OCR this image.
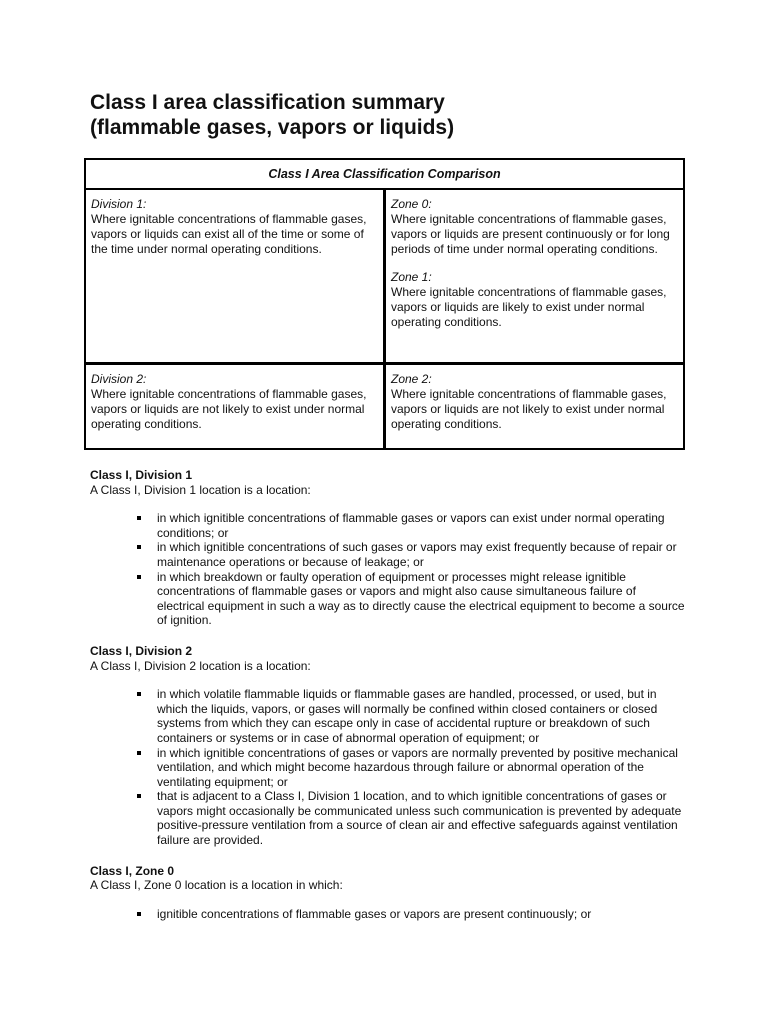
Class I area classification summary
(flammable gases, vapors or liquids)
Class I Area Classification Comparison	

Division 1:
Where ignitable concentrations of flammable gases, vapors or liquids can exist all of the time or some of the time under normal operating conditions.	Zone 0:
Where ignitable concentrations of flammable gases, vapors or liquids are present continuously or for long periods of time under normal operating conditions.
Zone 1:
Where ignitable concentrations of flammable gases, vapors or liquids are likely to exist under normal operating conditions.

Division 2:
Where ignitable concentrations of flammable gases, vapors or liquids are not likely to exist under normal operating conditions.	Zone 2:
Where ignitable concentrations of flammable gases, vapors or liquids are not likely to exist under normal operating conditions.
Class I, Division 1
A Class I, Division 1 location is a location:
in which ignitible concentrations of flammable gases or vapors can exist under normal operating conditions; or
in which ignitible concentrations of such gases or vapors may exist frequently because of repair or maintenance operations or because of leakage; or
in which breakdown or faulty operation of equipment or processes might release ignitible concentrations of flammable gases or vapors and might also cause simultaneous failure of electrical equipment in such a way as to directly cause the electrical equipment to become a source of ignition.
Class I, Division 2
A Class I, Division 2 location is a location:
in which volatile flammable liquids or flammable gases are handled, processed, or used, but in which the liquids, vapors, or gases will normally be confined within closed containers or closed systems from which they can escape only in case of accidental rupture or breakdown of such containers or systems or in case of abnormal operation of equipment; or
in which ignitible concentrations of gases or vapors are normally prevented by positive mechanical ventilation, and which might become hazardous through failure or abnormal operation of the ventilating equipment; or
that is adjacent to a Class I, Division 1 location, and to which ignitible concentrations of gases or vapors might occasionally be communicated unless such communication is prevented by adequate positive-pressure ventilation from a source of clean air and effective safeguards against ventilation failure are provided.
Class I, Zone 0
A Class I, Zone 0 location is a location in which:
ignitible concentrations of flammable gases or vapors are present continuously; or
